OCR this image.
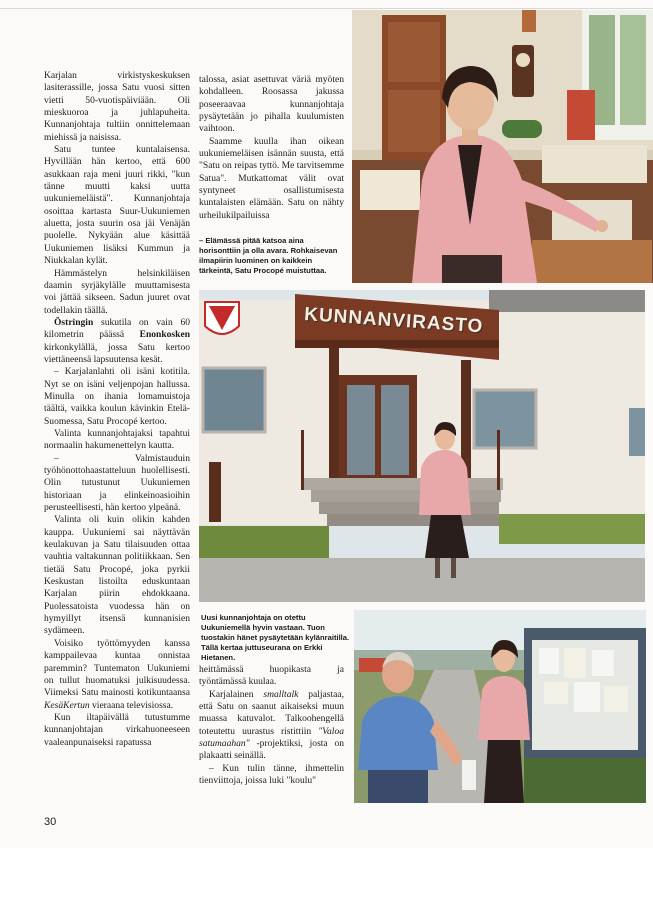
Karjalan virkistyskeskuksen lasiterassille, jossa Satu vuosi sitten vietti 50-vuotispäiviään. Oli mieskuoroa ja juhlapuheita. Kunnanjohtaja tultiin onnittelemaan miehissä ja naisissa.

Satu tuntee kuntalaisensa. Hyvillään hän kertoo, että 600 asukkaan raja meni juuri rikki, "kun tänne muutti kaksi uutta uukuniemeläistä". Kunnanjohtaja osoittaa kartasta Suur-Uukuniemen aluetta, josta suurin osa jäi Venäjän puolelle. Nykyään alue käsittää Uukuniemen lisäksi Kummun ja Niukkalan kylät.

Hämmästelyn helsinkiläisen daamin syrjäkylälle muuttamisesta voi jättää sikseen. Sadun juuret ovat todellakin täällä.

Östringin sukutila on vain 60 kilometrin päässä Enonkosken kirkonkylällä, jossa Satu kertoo viettäneensä lapsuutensa kesät.

– Karjalanlahti oli isäni kotitila. Nyt se on isäni veljenpojan hallussa. Minulla on ihania lomamuistoja täältä, vaikka koulun kävinkin Etelä-Suomessa, Satu Procopé kertoo.

Valinta kunnanjohtajaksi tapahtui normaalin hakumenettelyn kautta.

– Valmistauduin työhönottohaastatteluun huolellisesti. Olin tutustunut Uukuniemen historiaan ja elinkeinoasioihin perusteellisesti, hän kertoo ylpeänä.

Valinta oli kuin olikin kahden kauppa. Uukuniemi sai näyttävän keulakuvan ja Satu tilaisuuden ottaa vauhtia valtakunnan politiikkaan. Sen tietää Satu Procopé, joka pyrkii Keskustan listoilta eduskuntaan Karjalan piirin ehdokkaana. Puolessatoista vuodessa hän on hymyillyt itsensä kunnanisien sydämeen.

Voisiko työttömyyden kanssa kamppailevaa kuntaa onnistaa paremmin? Tuntematon Uukuniemi on tullut huomatuksi julkisuudessa. Viimeksi Satu mainosti kotikuntaansa KesäKertun vieraana televisiossa.

Kun iltapäivällä tutustumme kunnanjohtajan virkahuoneeseen vaaleanpunaiseksi rapatussa

talossa, asiat asettuvat väriä myöten kohdalleen. Roosassa jakussa poseeraavaa kunnanjohtaja pysäytetään jo pihalla kuulumisten vaihtoon.

Saamme kuulla ihan oikean uukuniemeläisen isännän suusta, että "Satu on reipas tyttö. Me tarvitsemme Satua". Mutkattomat välit ovat syntyneet osallistumisesta kuntalaisten elämään. Satu on nähty urheilukilpailuissa

heittämässä huopikasta ja työntämässä kuulaa.

Karjalainen smalltalk paljastaa, että Satu on saanut aikaiseksi muun muassa katuvalot. Talkoohengellä toteutettu uurastus ristittiin "Valoa satumaahan" -projektiksi, josta on plakaatti seinällä.

– Kun tulin tänne, ihmettelin tienviittoja, joissa luki "koulu"

– Elämässä pitää katsoa aina horisonttiin ja olla avara. Rohkaisevan ilmapiirin luominen on kaikkein tärkeintä, Satu Procopé muistuttaa.
Uusi kunnanjohtaja on otettu Uukuniemellä hyvin vastaan. Tuon tuostakin hänet pysäytetään kylänraitilla. Tällä kertaa juttuseurana on Erkki Hietanen.
KUNNANVIRASTO
30
